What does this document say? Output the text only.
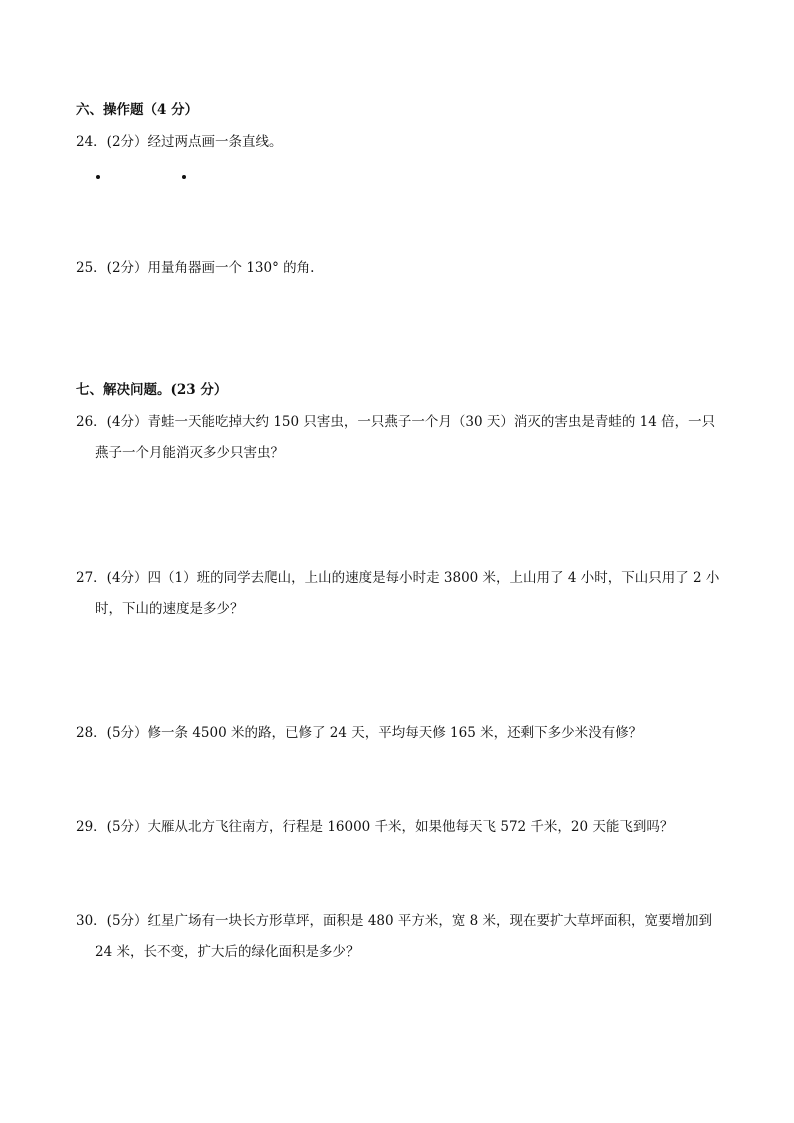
六、操作题（4 分）
24．(2分）经过两点画一条直线。
25．(2分）用量角器画一个 130° 的角.
七、解决问题。(23 分）
26．(4分）青蛙一天能吃掉大约 150 只害虫，一只燕子一个月（30 天）消灭的害虫是青蛙的 14 倍，一只
燕子一个月能消灭多少只害虫？
27．(4分）四（1）班的同学去爬山，上山的速度是每小时走 3800 米，上山用了 4 小时，下山只用了 2 小
时，下山的速度是多少？
28．(5分）修一条 4500 米的路，已修了 24 天，平均每天修 165 米，还剩下多少米没有修？
29．(5分）大雁从北方飞往南方，行程是 16000 千米，如果他每天飞 572 千米，20 天能飞到吗？
30．(5分）红星广场有一块长方形草坪，面积是 480 平方米，宽 8 米，现在要扩大草坪面积，宽要增加到
24 米，长不变，扩大后的绿化面积是多少？
